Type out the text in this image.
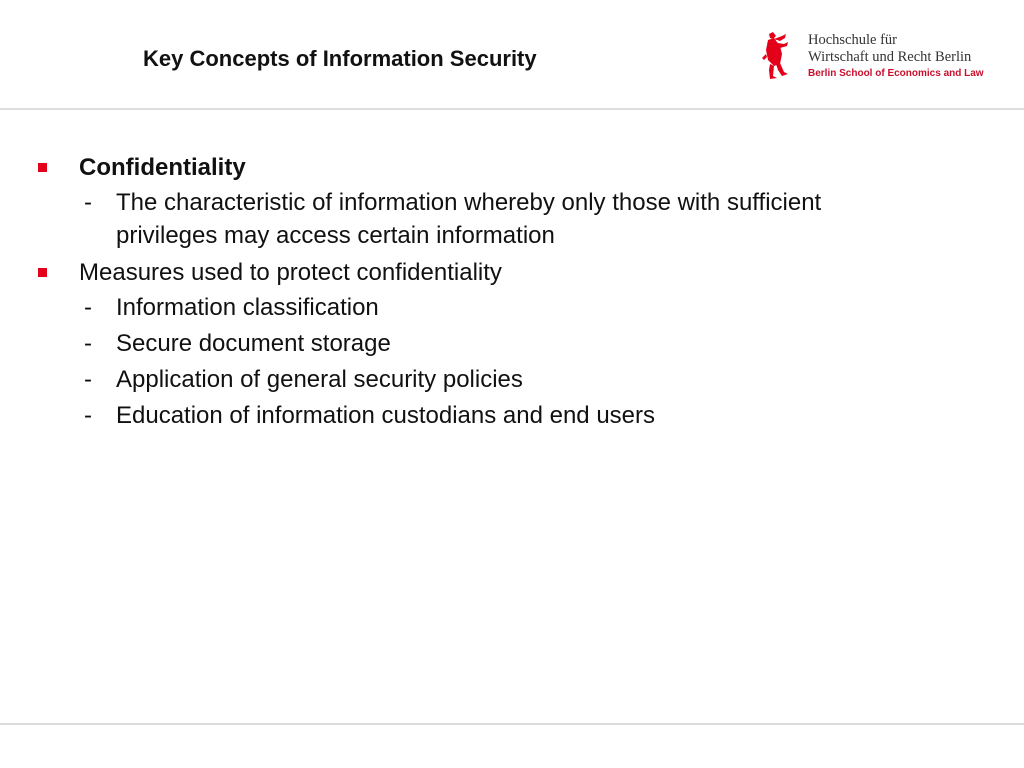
Key Concepts of Information Security
Hochschule für
Wirtschaft und Recht Berlin
Berlin School of Economics and Law
Confidentiality
- The characteristic of information whereby only those with sufficient privileges may access certain information
Measures used to protect confidentiality
- Information classification
- Secure document storage
- Application of general security policies
- Education of information custodians and end users
